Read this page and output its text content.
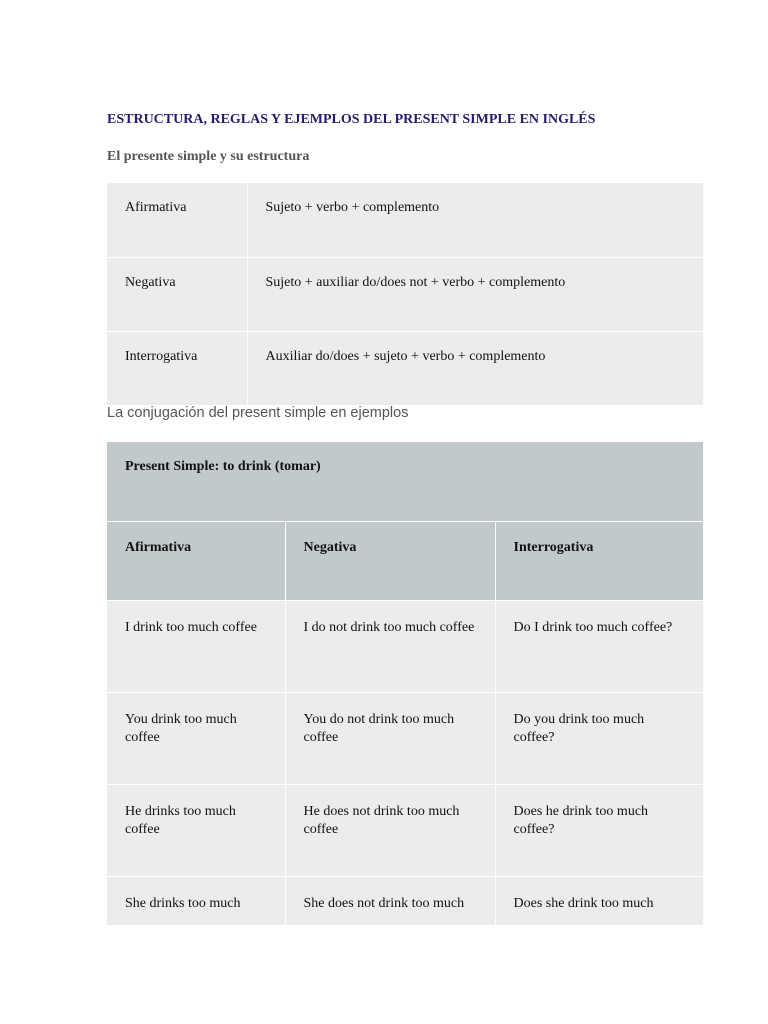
ESTRUCTURA, REGLAS Y EJEMPLOS DEL PRESENT SIMPLE EN INGLÉS
El presente simple y su estructura
Afirmativa	Sujeto + verbo + complemento
Negativa	Sujeto + auxiliar do/does not + verbo + complemento
Interrogativa	Auxiliar do/does + sujeto + verbo + complemento

La conjugación del present simple en ejemplos

Present Simple: to drink (tomar)		
Afirmativa	Negativa	Interrogativa
I drink too much coffee	I do not drink too much coffee	Do I drink too much coffee?
You drink too much coffee	You do not drink too much coffee	Do you drink too much coffee?
He drinks too much coffee	He does not drink too much coffee	Does he drink too much coffee?
She drinks too much	She does not drink too much	Does she drink too much
